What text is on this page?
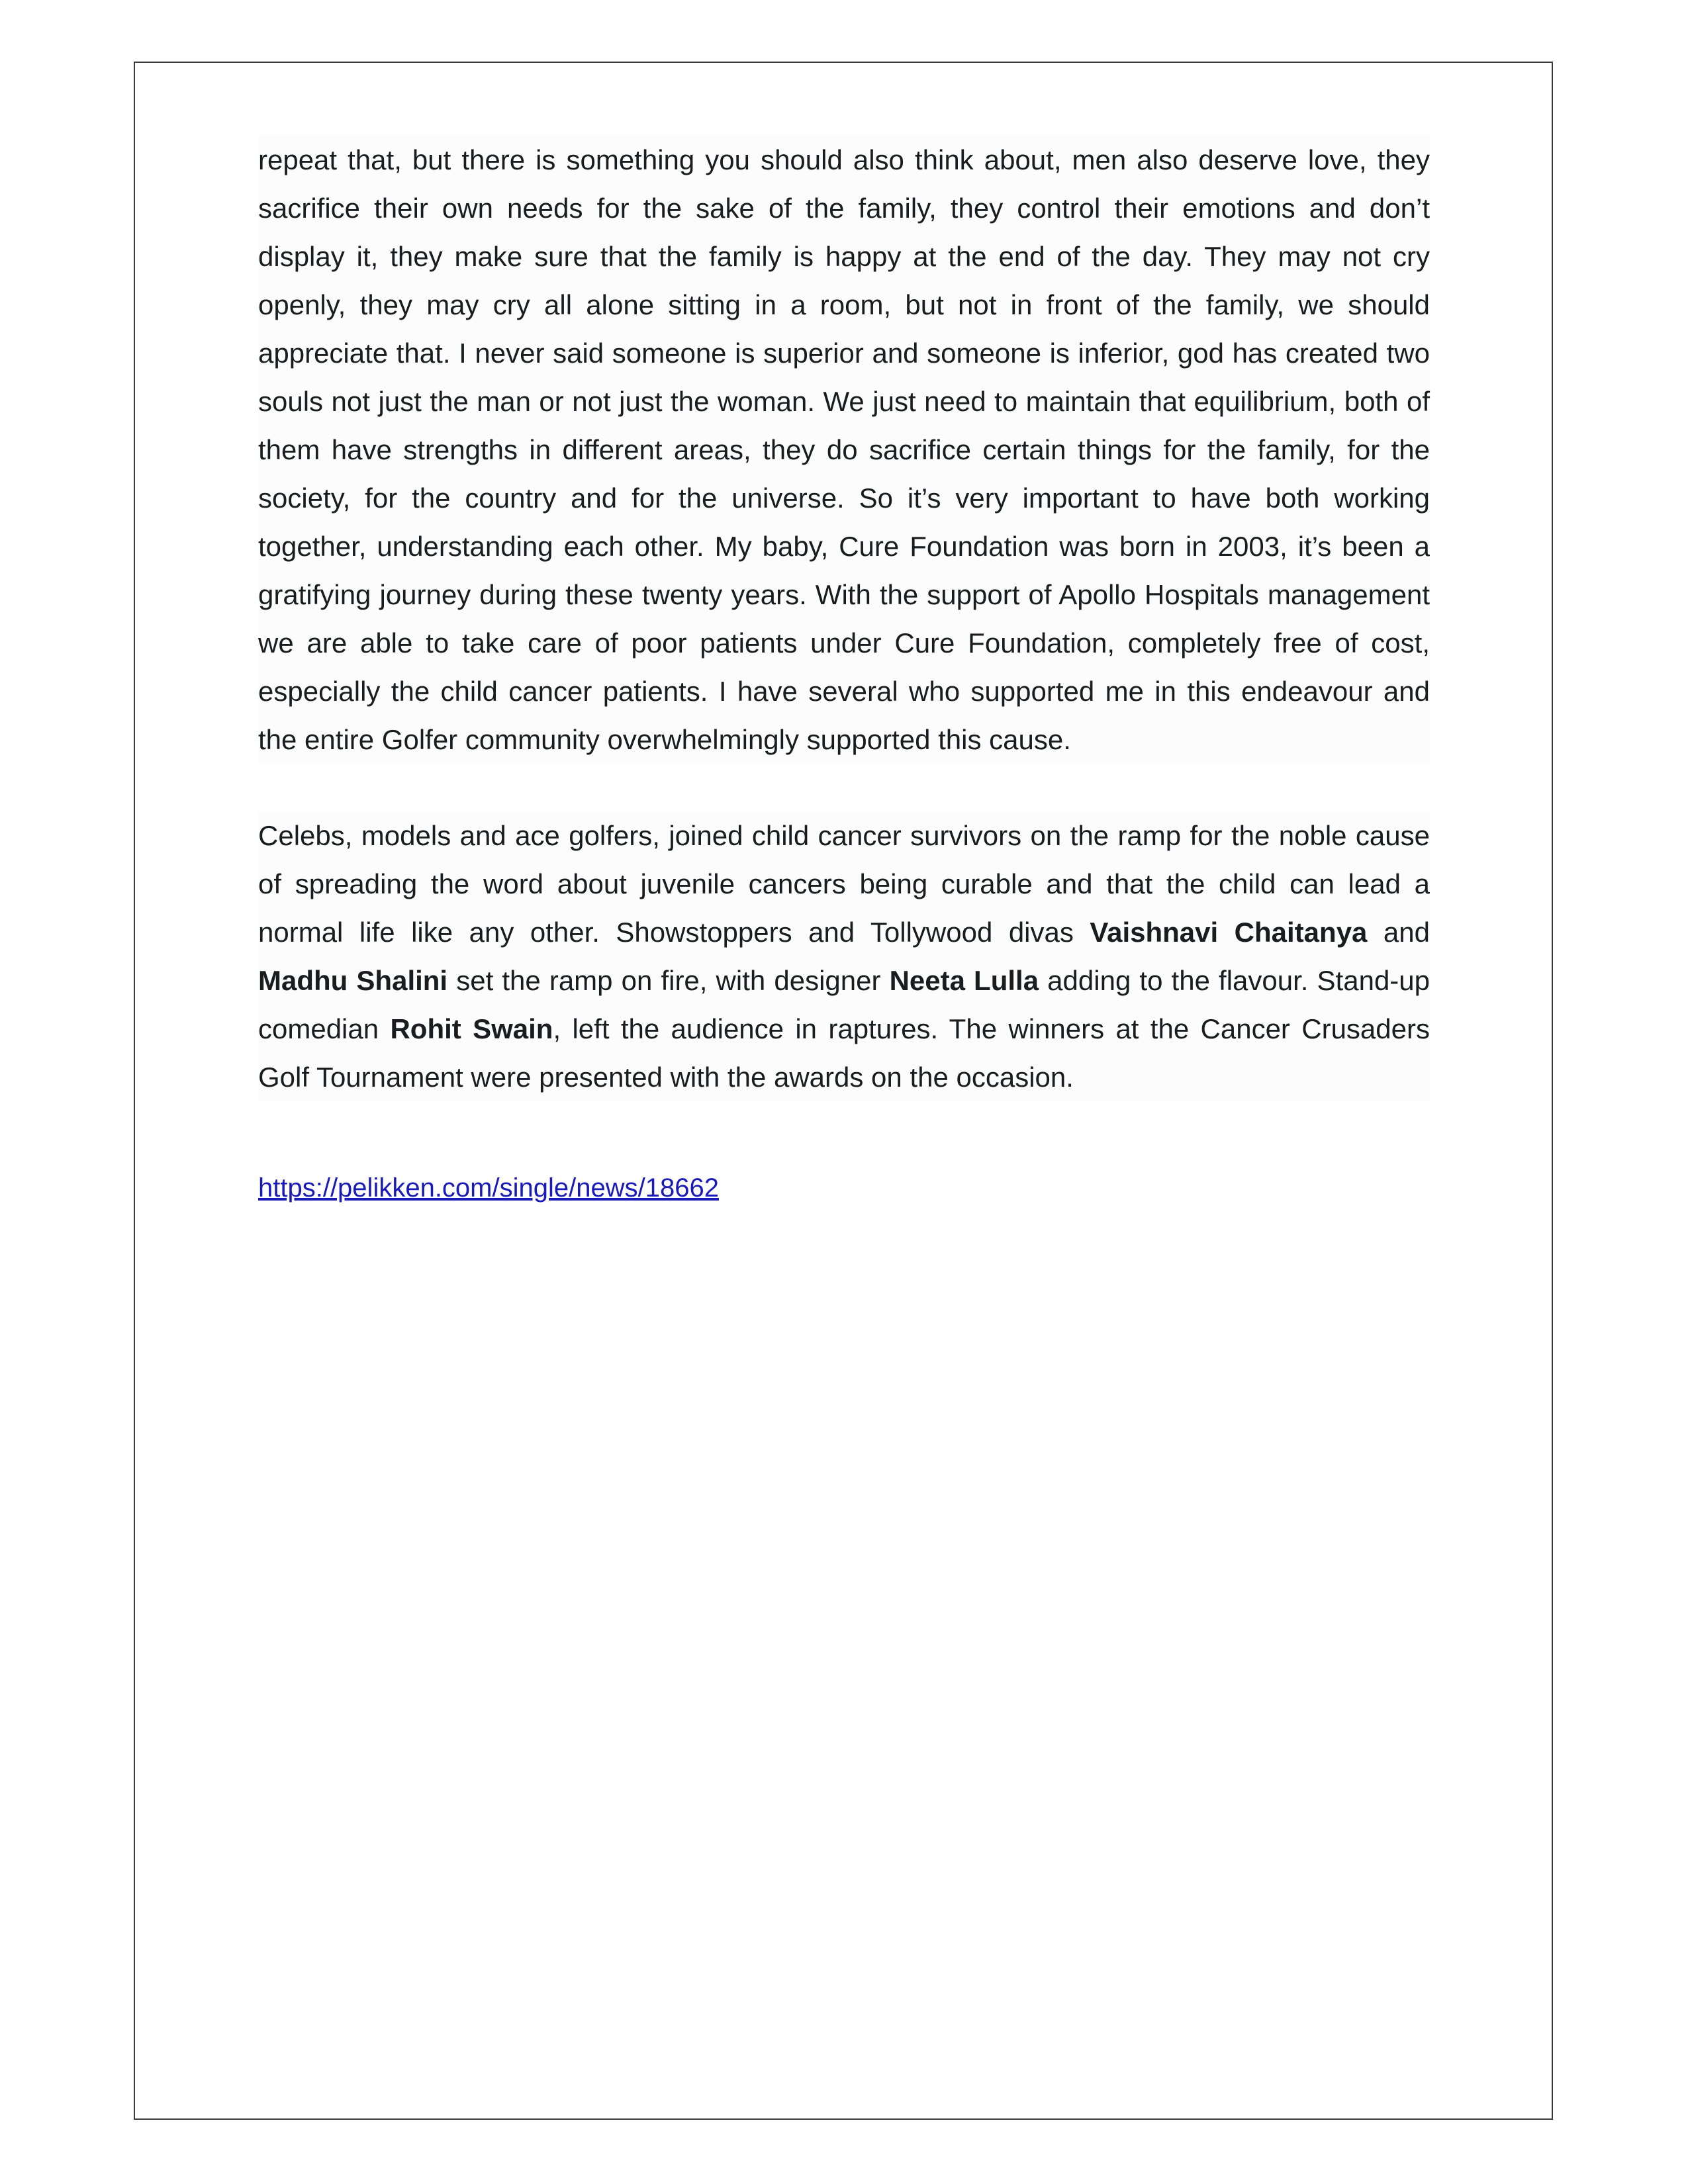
repeat that, but there is something you should also think about, men also deserve love, they sacrifice their own needs for the sake of the family, they control their emotions and don’t display it, they make sure that the family is happy at the end of the day. They may not cry openly, they may cry all alone sitting in a room, but not in front of the family, we should appreciate that. I never said someone is superior and someone is inferior, god has created two souls not just the man or not just the woman. We just need to maintain that equilibrium, both of them have strengths in different areas, they do sacrifice certain things for the family, for the society, for the country and for the universe. So it’s very important to have both working together, understanding each other. My baby, Cure Foundation was born in 2003, it’s been a gratifying journey during these twenty years. With the support of Apollo Hospitals management we are able to take care of poor patients under Cure Foundation, completely free of cost, especially the child cancer patients. I have several who supported me in this endeavour and the entire Golfer community overwhelmingly supported this cause.

Celebs, models and ace golfers, joined child cancer survivors on the ramp for the noble cause of spreading the word about juvenile cancers being curable and that the child can lead a normal life like any other. Showstoppers and Tollywood divas Vaishnavi Chaitanya and Madhu Shalini set the ramp on fire, with designer Neeta Lulla adding to the flavour. Stand-up comedian Rohit Swain, left the audience in raptures. The winners at the Cancer Crusaders Golf Tournament were presented with the awards on the occasion.

https://pelikken.com/single/news/18662
